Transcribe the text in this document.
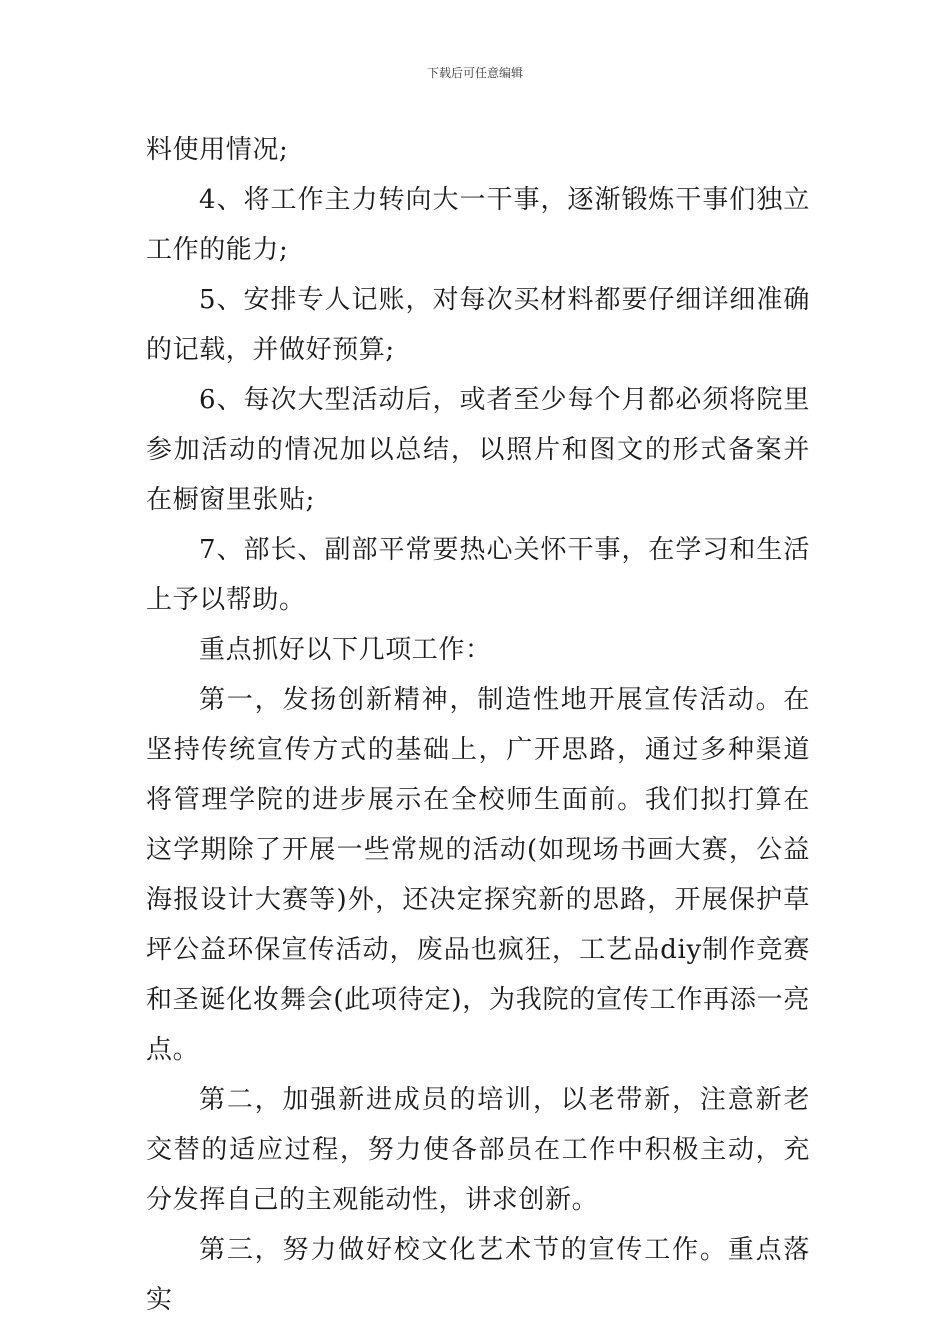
下载后可任意编辑

料使用情况;

4、将工作主力转向大一干事，逐渐锻炼干事们独立工作的能力;

5、安排专人记账，对每次买材料都要仔细详细准确的记载，并做好预算;

6、每次大型活动后，或者至少每个月都必须将院里参加活动的情况加以总结，以照片和图文的形式备案并在橱窗里张贴;

7、部长、副部平常要热心关怀干事，在学习和生活上予以帮助。

重点抓好以下几项工作：

第一，发扬创新精神，制造性地开展宣传活动。在坚持传统宣传方式的基础上，广开思路，通过多种渠道将管理学院的进步展示在全校师生面前。我们拟打算在这学期除了开展一些常规的活动(如现场书画大赛，公益海报设计大赛等)外，还决定探究新的思路，开展保护草坪公益环保宣传活动，废品也疯狂，工艺品diy制作竞赛和圣诞化妆舞会(此项待定)，为我院的宣传工作再添一亮点。

第二，加强新进成员的培训，以老带新，注意新老交替的适应过程，努力使各部员在工作中积极主动，充分发挥自己的主观能动性，讲求创新。

第三，努力做好校文化艺术节的宣传工作。重点落实
